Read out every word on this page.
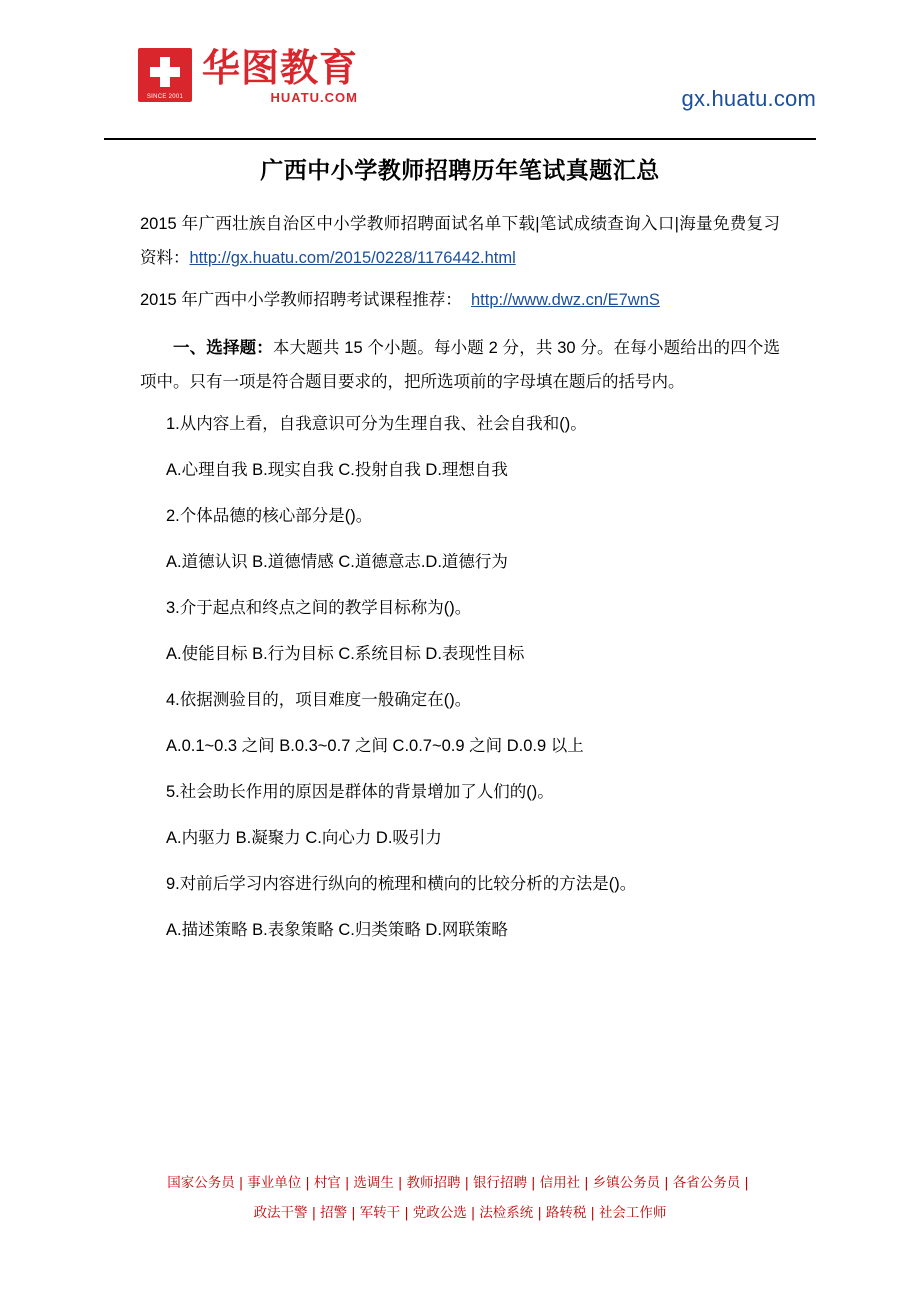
SINCE 2001
华图教育
HUATU.COM	gx.huatu.com
广西中小学教师招聘历年笔试真题汇总

2015 年广西壮族自治区中小学教师招聘面试名单下载|笔试成绩查询入口|海量免费复习资料：http://gx.huatu.com/2015/0228/1176442.html

2015 年广西中小学教师招聘考试课程推荐： http://www.dwz.cn/E7wnS

一、选择题：本大题共 15 个小题。每小题 2 分，共 30 分。在每小题给出的四个选项中。只有一项是符合题目要求的，把所选项前的字母填在题后的括号内。

1.从内容上看，自我意识可分为生理自我、社会自我和()。

A.心理自我 B.现实自我 C.投射自我 D.理想自我

2.个体品德的核心部分是()。

A.道德认识 B.道德情感 C.道德意志.D.道德行为

3.介于起点和终点之间的教学目标称为()。

A.使能目标 B.行为目标 C.系统目标 D.表现性目标

4.依据测验目的，项目难度一般确定在()。

A.0.1~0.3 之间 B.0.3~0.7 之间 C.0.7~0.9 之间 D.0.9 以上

5.社会助长作用的原因是群体的背景增加了人们的()。

A.内驱力 B.凝聚力 C.向心力 D.吸引力

9.对前后学习内容进行纵向的梳理和横向的比较分析的方法是()。

A.描述策略 B.表象策略 C.归类策略 D.网联策略

国家公务员 | 事业单位 | 村官 | 选调生 | 教师招聘 | 银行招聘 | 信用社 | 乡镇公务员 | 各省公务员 |
政法干警 | 招警 | 军转干 | 党政公选 | 法检系统 | 路转税 | 社会工作师
